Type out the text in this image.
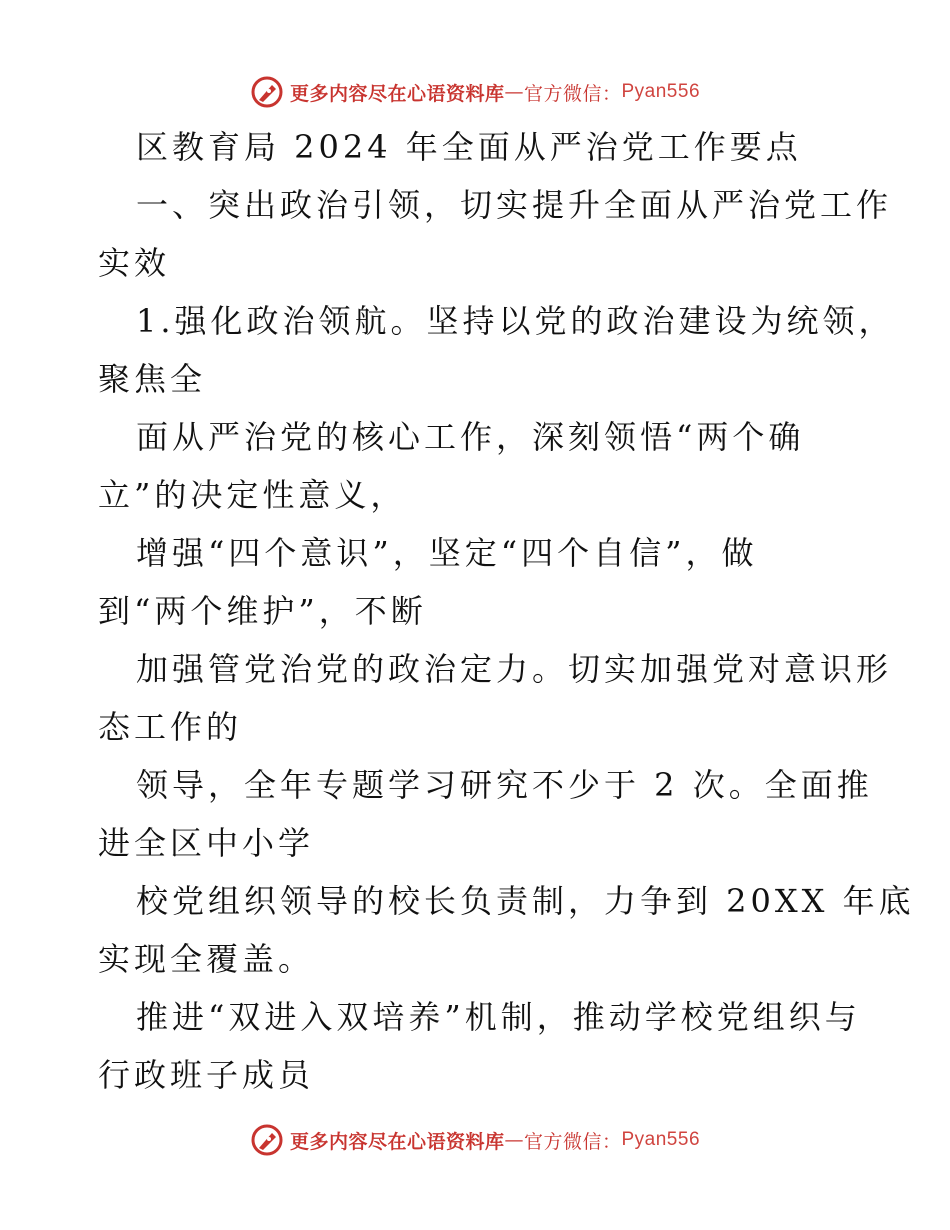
更多内容尽在心语资料库 — 官方微信： Pyan556
区教育局 2024 年全面从严治党工作要点
一、突出政治引领，切实提升全面从严治党工作
实效
1.强化政治领航。坚持以党的政治建设为统领，
聚焦全
面从严治党的核心工作，深刻领悟“两个确
立”的决定性意义，
增强“四个意识”，坚定“四个自信”，做
到“两个维护”，不断
加强管党治党的政治定力。切实加强党对意识形
态工作的
领导，全年专题学习研究不少于 2 次。全面推
进全区中小学
校党组织领导的校长负责制，力争到 20XX 年底
实现全覆盖。
推进“双进入双培养”机制，推动学校党组织与
行政班子成员
更多内容尽在心语资料库 — 官方微信： Pyan556
